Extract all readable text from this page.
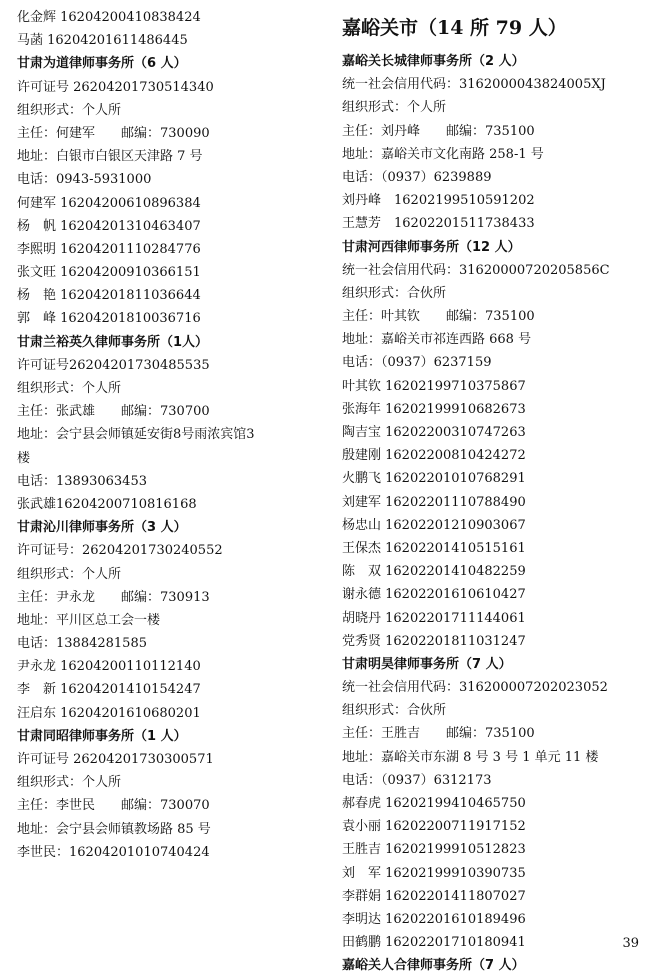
化金辉 16204200410838424
马菡 16204201611486445
甘肃为道律师事务所（6 人）
许可证号 26204201730514340
组织形式：个人所
主任：何建军 邮编：730090
地址：白银市白银区天津路 7 号
电话：0943-5931000
何建军 16204200610896384
杨　帆 16204201310463407
李熙明 16204201110284776
张文旺 16204200910366151
杨　艳 16204201811036644
郭　峰 16204201810036716
甘肃兰裕英久律师事务所（1人）
许可证号26204201730485535
组织形式：个人所
主任：张武雄 邮编：730700
地址：会宁县会师镇延安街8号雨浓宾馆3
楼
电话：13893063453
张武雄16204200710816168
甘肃沁川律师事务所（3 人）
许可证号：26204201730240552
组织形式：个人所
主任：尹永龙 邮编：730913
地址：平川区总工会一楼
电话：13884281585
尹永龙 16204200110112140
李　新 16204201410154247
汪启东 16204201610680201
甘肃同昭律师事务所（1 人）
许可证号 26204201730300571
组织形式：个人所
主任：李世民 邮编：730070
地址：会宁县会师镇教场路 85 号
李世民：16204201010740424
嘉峪关市（14 所 79 人）
嘉峪关长城律师事务所（2 人）
统一社会信用代码：3162000043824005XJ
组织形式：个人所
主任：刘丹峰 邮编：735100
地址：嘉峪关市文化南路 258-1 号
电话：（0937）6239889
刘丹峰　16202199510591202
王慧芳　16202201511738433
甘肃河西律师事务所（12 人）
统一社会信用代码：31620000720205856C
组织形式：合伙所
主任：叶其钦 邮编：735100
地址：嘉峪关市祁连西路 668 号
电话：（0937）6237159
叶其钦 16202199710375867
张海年 16202199910682673
陶吉宝 16202200310747263
殷建刚 16202200810424272
火鹏飞 16202201010768291
刘建军 16202201110788490
杨忠山 16202201210903067
王保杰 16202201410515161
陈　双 16202201410482259
谢永德 16202201610610427
胡晓丹 16202201711144061
党秀贤 16202201811031247
甘肃明昊律师事务所（7 人）
统一社会信用代码：316200007202023052
组织形式：合伙所
主任：王胜吉 邮编：735100
地址：嘉峪关市东湖 8 号 3 号 1 单元 11 楼
电话：（0937）6312173
郝春虎 16202199410465750
袁小丽 16202200711917152
王胜吉 16202199910512823
刘　军 16202199910390735
李群娟 16202201411807027
李明达 16202201610189496
田鹤鹏 16202201710180941
嘉峪关人合律师事务所（7 人）
39
